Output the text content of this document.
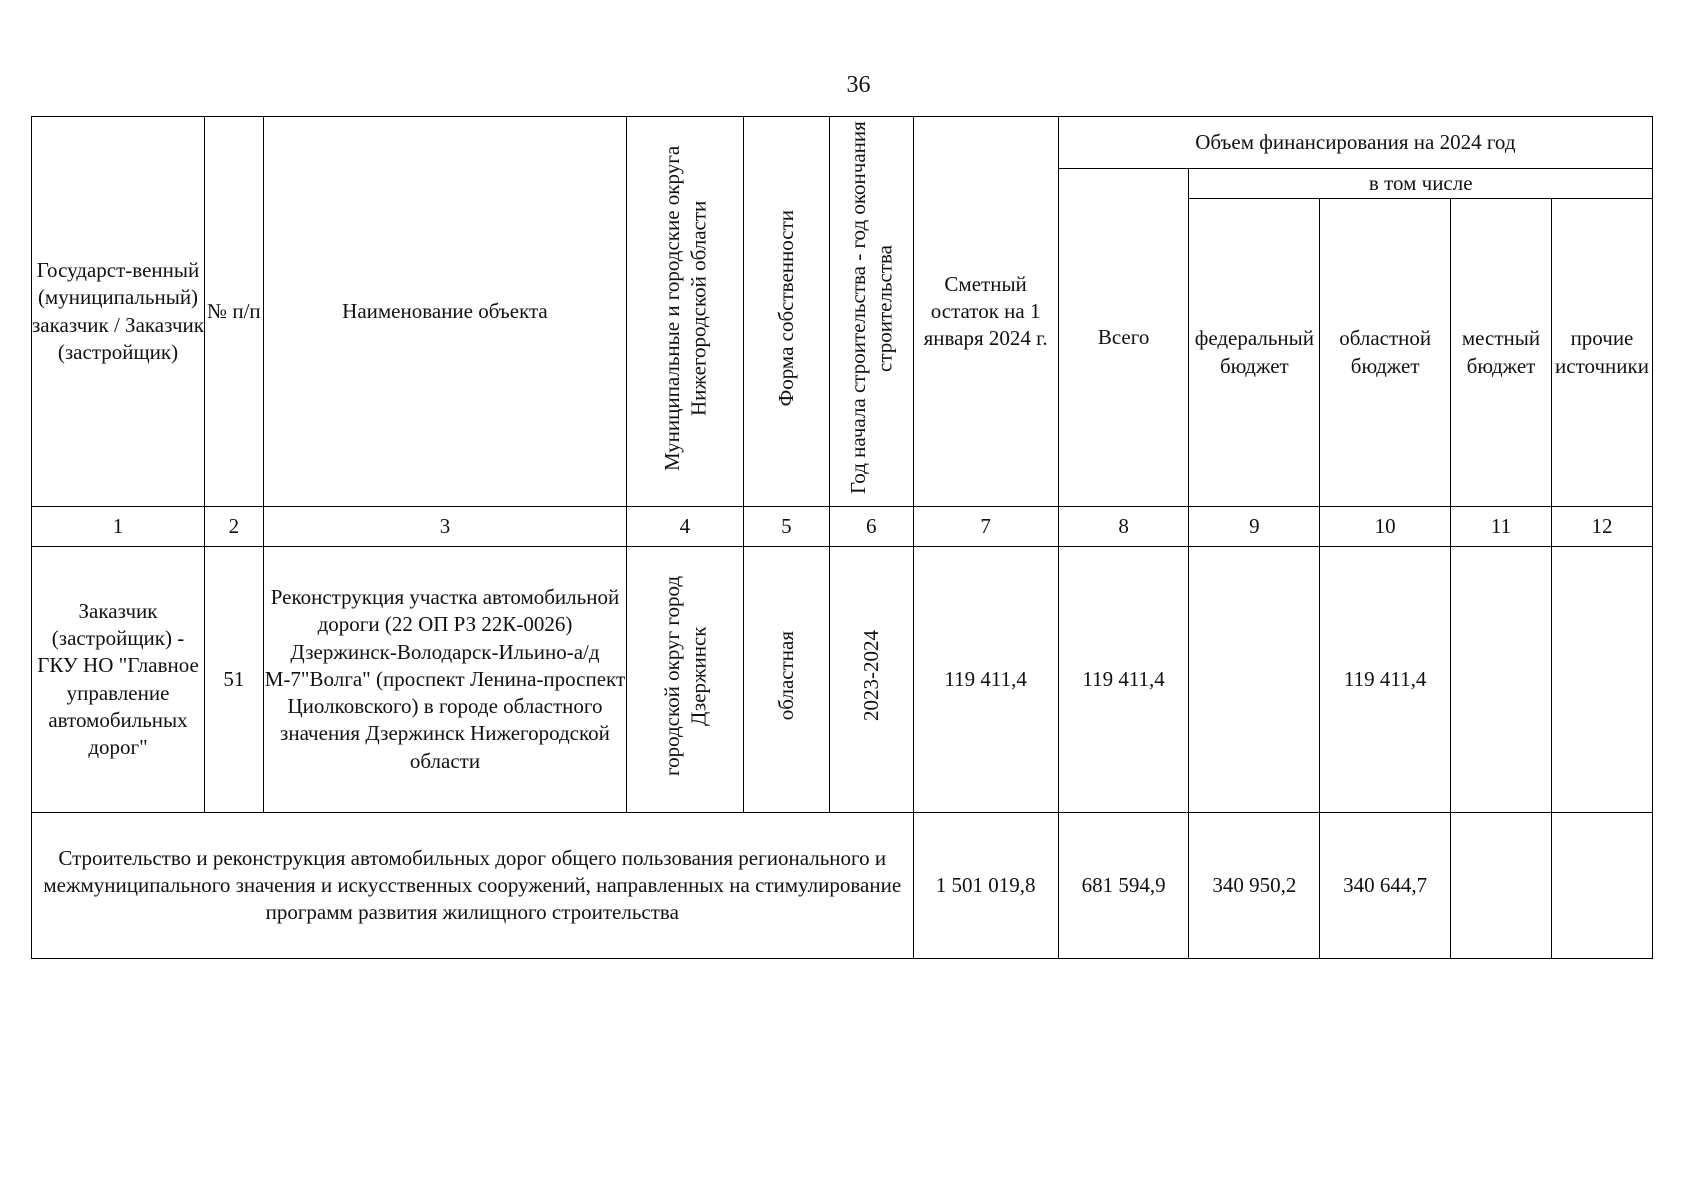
36
Государст-венный (муниципальный) заказчик / Заказчик (застройщик)	№ п/п	Наименование объекта	Муниципальные и городские округа Нижегородской области	Форма собственности	Год начала строительства - год окончания строительства	Сметный остаток на 1 января 2024 г.	Объем финансирования на 2024 год				
							Всего	в том числе			
								федеральный бюджет	областной бюджет	местный бюджет	прочие источники
1	2	3	4	5	6	7	8	9	10	11	12
Заказчик (застройщик) - ГКУ НО "Главное управление автомобильных дорог"	51	Реконструкция участка автомобильной дороги (22 ОП РЗ 22К-0026) Дзержинск-Володарск-Ильино-а/д М-7"Волга" (проспект Ленина-проспект Циолковского) в городе областного значения Дзержинск Нижегородской области	городской округ город Дзержинск	областная	2023-2024	119 411,4	119 411,4		119 411,4		
Строительство и реконструкция автомобильных дорог общего пользования регионального и межмуниципального значения и искусственных сооружений, направленных на стимулирование программ развития жилищного строительства						1 501 019,8	681 594,9	340 950,2	340 644,7		
